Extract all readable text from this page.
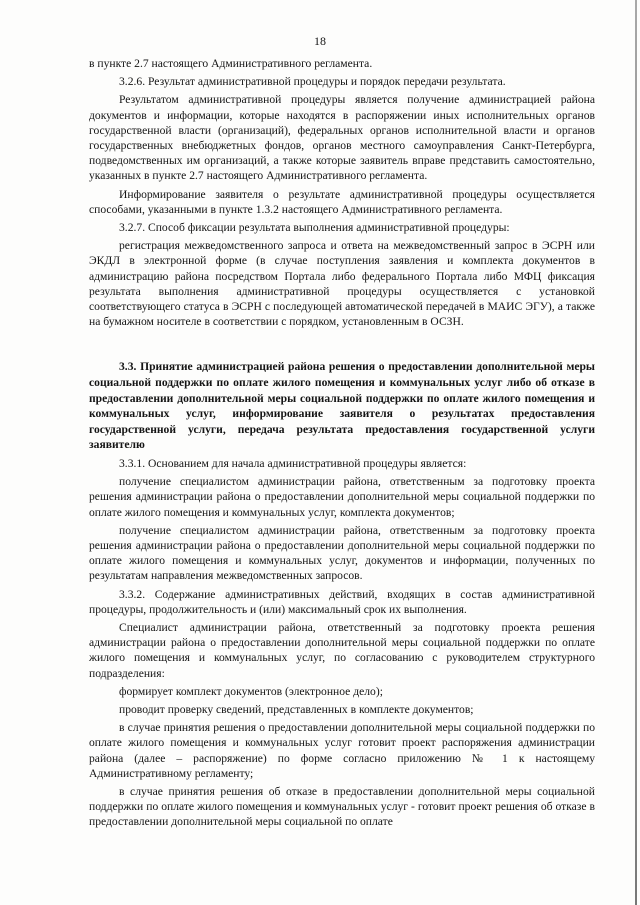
18

в пункте 2.7 настоящего Административного регламента.

3.2.6. Результат административной процедуры и порядок передачи результата.

Результатом административной процедуры является получение администрацией района документов и информации, которые находятся в распоряжении иных исполнительных органов государственной власти (организаций), федеральных органов исполнительной власти и органов государственных внебюджетных фондов, органов местного самоуправления Санкт-Петербурга, подведомственных им организаций, а также которые заявитель вправе представить самостоятельно, указанных в пункте 2.7 настоящего Административного регламента.

Информирование заявителя о результате административной процедуры осуществляется способами, указанными в пункте 1.3.2 настоящего Административного регламента.

3.2.7. Способ фиксации результата выполнения административной процедуры:

регистрация межведомственного запроса и ответа на межведомственный запрос в ЭСРН или ЭКДЛ в электронной форме (в случае поступления заявления и комплекта документов в администрацию района посредством Портала либо федерального Портала либо МФЦ фиксация результата выполнения административной процедуры осуществляется с установкой соответствующего статуса в ЭСРН с последующей автоматической передачей в МАИС ЭГУ), а также на бумажном носителе в соответствии с порядком, установленным в ОСЗН.

3.3. Принятие администрацией района решения о предоставлении дополнительной меры социальной поддержки по оплате жилого помещения и коммунальных услуг либо об отказе в предоставлении дополнительной меры социальной поддержки по оплате жилого помещения и коммунальных услуг, информирование заявителя о результатах предоставления государственной услуги, передача результата предоставления государственной услуги заявителю

3.3.1. Основанием для начала административной процедуры является:

получение специалистом администрации района, ответственным за подготовку проекта решения администрации района о предоставлении дополнительной меры социальной поддержки по оплате жилого помещения и коммунальных услуг, комплекта документов;

получение специалистом администрации района, ответственным за подготовку проекта решения администрации района о предоставлении дополнительной меры социальной поддержки по оплате жилого помещения и коммунальных услуг, документов и информации, полученных по результатам направления межведомственных запросов.

3.3.2. Содержание административных действий, входящих в состав административной процедуры, продолжительность и (или) максимальный срок их выполнения.

Специалист администрации района, ответственный за подготовку проекта решения администрации района о предоставлении дополнительной меры социальной поддержки по оплате жилого помещения и коммунальных услуг, по согласованию с руководителем структурного подразделения:

формирует комплект документов (электронное дело);

проводит проверку сведений, представленных в комплекте документов;

в случае принятия решения о предоставлении дополнительной меры социальной поддержки по оплате жилого помещения и коммунальных услуг готовит проект распоряжения администрации района (далее – распоряжение) по форме согласно приложению № 1 к настоящему Административному регламенту;

в случае принятия решения об отказе в предоставлении дополнительной меры социальной поддержки по оплате жилого помещения и коммунальных услуг - готовит проект решения об отказе в предоставлении дополнительной меры социальной по оплате
